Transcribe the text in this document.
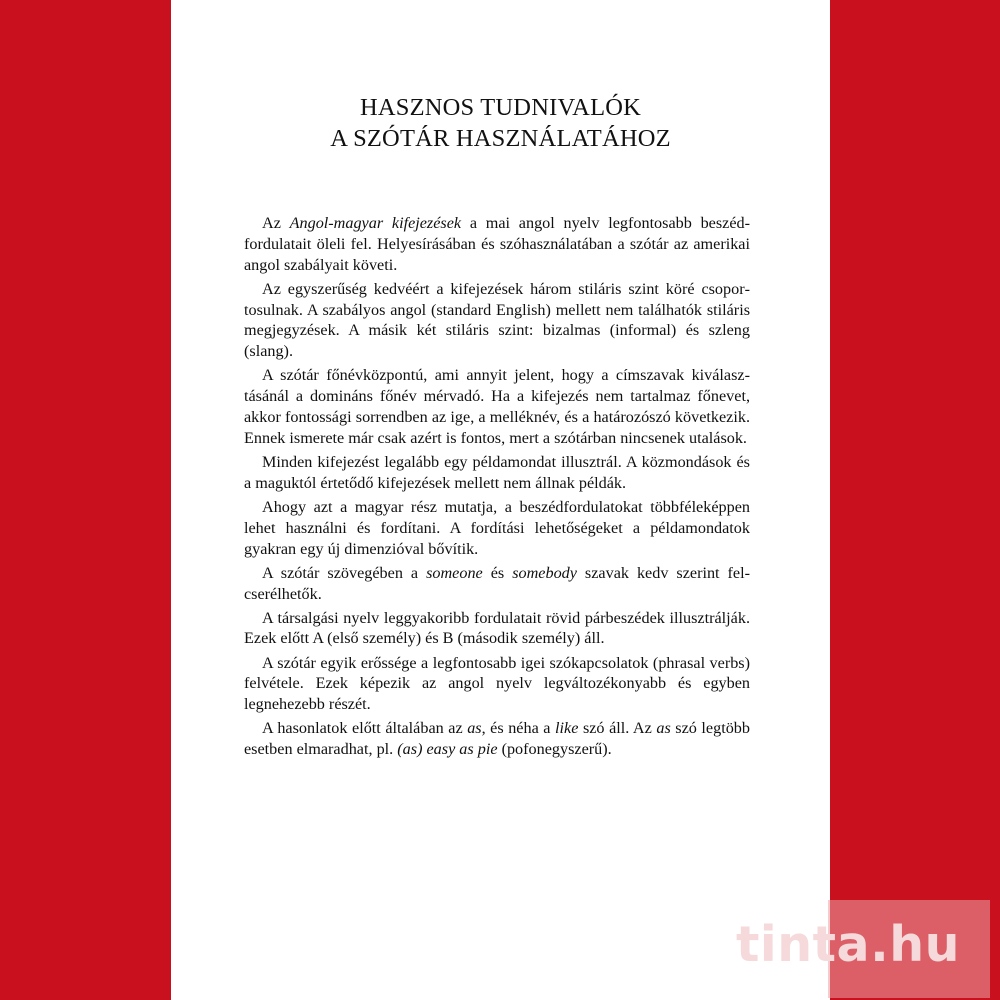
HASZNOS TUDNIVALÓK
A SZÓTÁR HASZNÁLATÁHOZ

Az Angol-magyar kifejezések a mai angol nyelv legfontosabb beszédfordulatait öleli fel. Helyesírásában és szóhasználatában a szótár az amerikai angol szabályait követi.

Az egyszerűség kedvéért a kifejezések három stiláris szint köré csoportosulnak. A szabályos angol (standard English) mellett nem találhatók stiláris megjegyzések. A másik két stiláris szint: bizalmas (informal) és szleng (slang).

A szótár főnévközpontú, ami annyit jelent, hogy a címszavak kiválasztásánál a domináns főnév mérvadó. Ha a kifejezés nem tartalmaz főnevet, akkor fontossági sorrendben az ige, a melléknév, és a határozószó következik. Ennek ismerete már csak azért is fontos, mert a szótárban nincsenek utalások.

Minden kifejezést legalább egy példamondat illusztrál. A közmondások és a maguktól értetődő kifejezések mellett nem állnak példák.

Ahogy azt a magyar rész mutatja, a beszédfordulatokat többféleképpen lehet használni és fordítani. A fordítási lehetőségeket a példamondatok gyakran egy új dimenzióval bővítik.

A szótár szövegében a someone és somebody szavak kedv szerint felcserélhetők.

A társalgási nyelv leggyakoribb fordulatait rövid párbeszédek illusztrálják. Ezek előtt A (első személy) és B (második személy) áll.

A szótár egyik erőssége a legfontosabb igei szókapcsolatok (phrasal verbs) felvétele. Ezek képezik az angol nyelv legváltozékonyabb és egyben legnehezebb részét.

A hasonlatok előtt általában az as, és néha a like szó áll. Az as szó legtöbb esetben elmaradhat, pl. (as) easy as pie (pofonegyszerű).

tinta.hu
